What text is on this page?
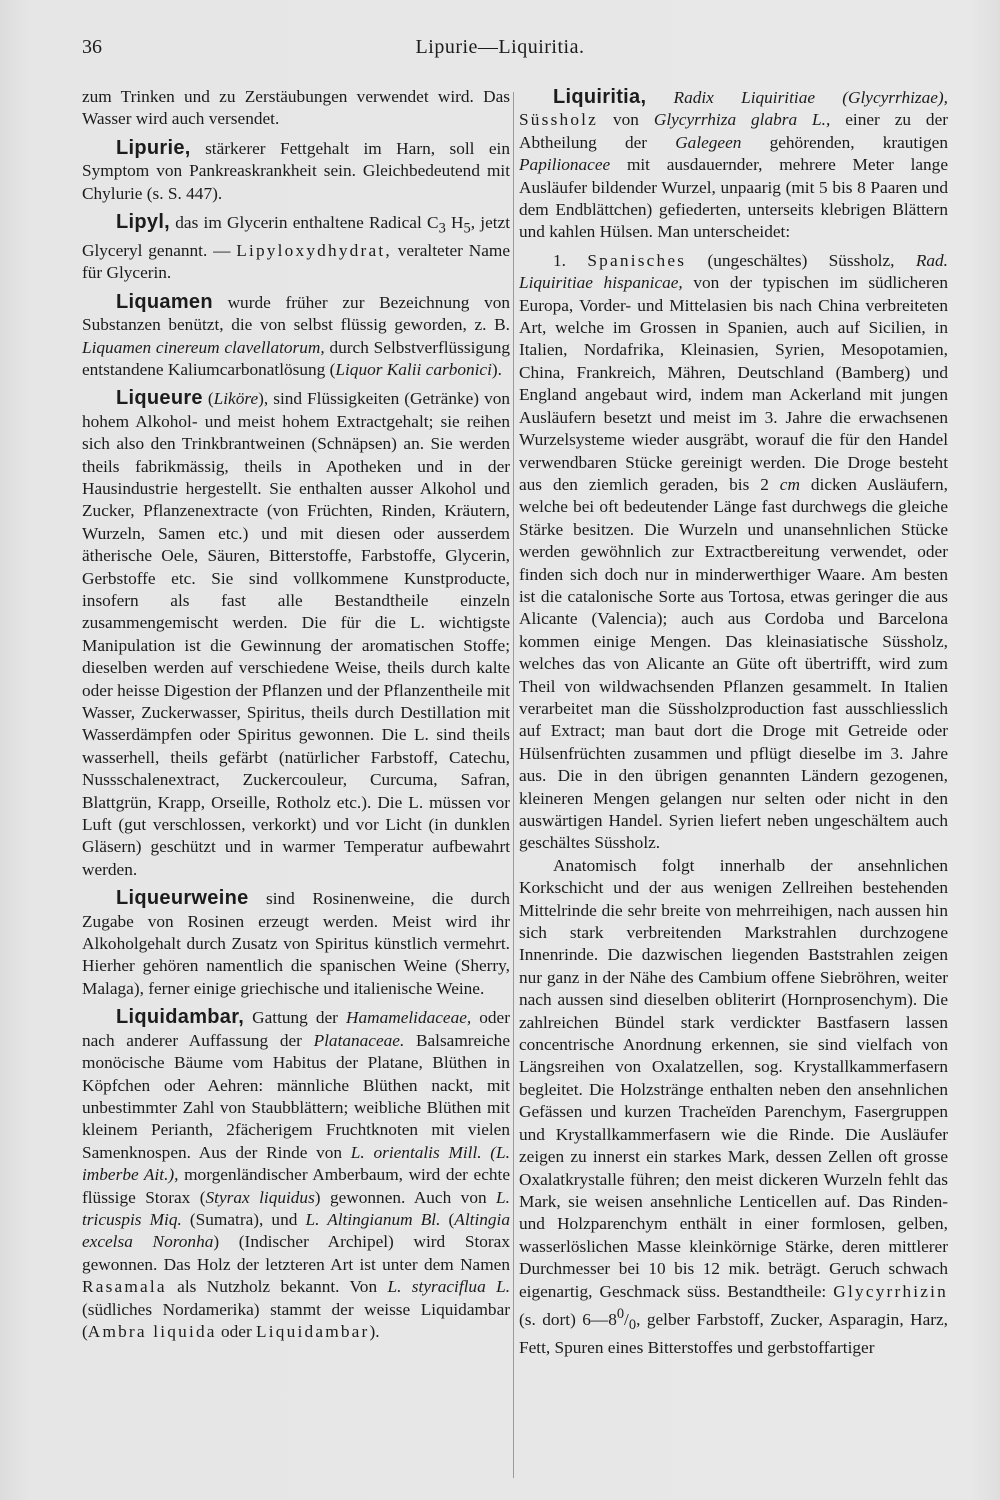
36	Lipurie—Liquiritia.

zum Trinken und zu Zerstäubungen verwendet wird. Das Wasser wird auch versendet.

Lipurie, stärkerer Fettgehalt im Harn, soll ein Symptom von Pankreaskrankheit sein. Gleichbedeutend mit Chylurie (s. S. 447).

Lipyl, das im Glycerin enthaltene Radical $C_3$ $H_5$, jetzt Glyceryl genannt. — Lipyloxydhydrat, veralteter Name für Glycerin.

Liquamen wurde früher zur Bezeichnung von Substanzen benützt, die von selbst flüssig geworden, z. B. Liquamen cinereum clavellatorum, durch Selbstverflüssigung entstandene Kaliumcarbonatlösung (Liquor Kalii carbonici).

Liqueure (Liköre), sind Flüssigkeiten (Getränke) von hohem Alkohol- und meist hohem Extractgehalt; sie reihen sich also den Trinkbrantweinen (Schnäpsen) an. Sie werden theils fabrikmässig, theils in Apotheken und in der Hausindustrie hergestellt. Sie enthalten ausser Alkohol und Zucker, Pflanzenextracte (von Früchten, Rinden, Kräutern, Wurzeln, Samen etc.) und mit diesen oder ausserdem ätherische Oele, Säuren, Bitterstoffe, Farbstoffe, Glycerin, Gerbstoffe etc. Sie sind vollkommene Kunstproducte, insofern als fast alle Bestandtheile einzeln zusammengemischt werden. Die für die L. wichtigste Manipulation ist die Gewinnung der aromatischen Stoffe; dieselben werden auf verschiedene Weise, theils durch kalte oder heisse Digestion der Pflanzen und der Pflanzentheile mit Wasser, Zuckerwasser, Spiritus, theils durch Destillation mit Wasserdämpfen oder Spiritus gewonnen. Die L. sind theils wasserhell, theils gefärbt (natürlicher Farbstoff, Catechu, Nussschalenextract, Zuckercouleur, Curcuma, Safran, Blattgrün, Krapp, Orseille, Rotholz etc.). Die L. müssen vor Luft (gut verschlossen, verkorkt) und vor Licht (in dunklen Gläsern) geschützt und in warmer Temperatur aufbewahrt werden.

Liqueurweine sind Rosinenweine, die durch Zugabe von Rosinen erzeugt werden. Meist wird ihr Alkoholgehalt durch Zusatz von Spiritus künstlich vermehrt. Hierher gehören namentlich die spanischen Weine (Sherry, Malaga), ferner einige griechische und italienische Weine.

Liquidambar, Gattung der Hamamelidaceae, oder nach anderer Auffassung der Platanaceae. Balsamreiche monöcische Bäume vom Habitus der Platane, Blüthen in Köpfchen oder Aehren: männliche Blüthen nackt, mit unbestimmter Zahl von Staubblättern; weibliche Blüthen mit kleinem Perianth, 2fächerigem Fruchtknoten mit vielen Samenknospen. Aus der Rinde von L. orientalis Mill. (L. imberbe Ait.), morgenländischer Amberbaum, wird der echte flüssige Storax (Styrax liquidus) gewonnen. Auch von L. tricuspis Miq. (Sumatra), und L. Altingianum Bl. (Altingia excelsa Noronha) (Indischer Archipel) wird Storax gewonnen. Das Holz der letzteren Art ist unter dem Namen Rasamala als Nutzholz bekannt. Von L. styraciflua L. (südliches Nordamerika) stammt der weisse Liquidambar (Ambra liquida oder Liquidambar).

Liquiritia, Radix Liquiritiae (Glycyrrhizae), Süssholz von Glycyrrhiza glabra L., einer zu der Abtheilung der Galegeen gehörenden, krautigen Papilionacee mit ausdauernder, mehrere Meter lange Ausläufer bildender Wurzel, unpaarig (mit 5 bis 8 Paaren und dem Endblättchen) gefiederten, unterseits klebrigen Blättern und kahlen Hülsen. Man unterscheidet:

1. Spanisches (ungeschältes) Süssholz, Rad. Liquiritiae hispanicae, von der typischen im südlicheren Europa, Vorder- und Mittelasien bis nach China verbreiteten Art, welche im Grossen in Spanien, auch auf Sicilien, in Italien, Nordafrika, Kleinasien, Syrien, Mesopotamien, China, Frankreich, Mähren, Deutschland (Bamberg) und England angebaut wird, indem man Ackerland mit jungen Ausläufern besetzt und meist im 3. Jahre die erwachsenen Wurzelsysteme wieder ausgräbt, worauf die für den Handel verwendbaren Stücke gereinigt werden. Die Droge besteht aus den ziemlich geraden, bis 2 cm dicken Ausläufern, welche bei oft bedeutender Länge fast durchwegs die gleiche Stärke besitzen. Die Wurzeln und unansehnlichen Stücke werden gewöhnlich zur Extractbereitung verwendet, oder finden sich doch nur in minderwerthiger Waare. Am besten ist die catalonische Sorte aus Tortosa, etwas geringer die aus Alicante (Valencia); auch aus Cordoba und Barcelona kommen einige Mengen. Das kleinasiatische Süssholz, welches das von Alicante an Güte oft übertrifft, wird zum Theil von wildwachsenden Pflanzen gesammelt. In Italien verarbeitet man die Süssholzproduction fast ausschliesslich auf Extract; man baut dort die Droge mit Getreide oder Hülsenfrüchten zusammen und pflügt dieselbe im 3. Jahre aus. Die in den übrigen genannten Ländern gezogenen, kleineren Mengen gelangen nur selten oder nicht in den auswärtigen Handel. Syrien liefert neben ungeschältem auch geschältes Süssholz.

Anatomisch folgt innerhalb der ansehnlichen Korkschicht und der aus wenigen Zellreihen bestehenden Mittelrinde die sehr breite von mehrreihigen, nach aussen hin sich stark verbreitenden Markstrahlen durchzogene Innenrinde. Die dazwischen liegenden Baststrahlen zeigen nur ganz in der Nähe des Cambium offene Siebröhren, weiter nach aussen sind dieselben obliterirt (Hornprosenchym). Die zahlreichen Bündel stark verdickter Bastfasern lassen concentrische Anordnung erkennen, sie sind vielfach von Längsreihen von Oxalatzellen, sog. Krystallkammerfasern begleitet. Die Holzstränge enthalten neben den ansehnlichen Gefässen und kurzen Tracheïden Parenchym, Fasergruppen und Krystallkammerfasern wie die Rinde. Die Ausläufer zeigen zu innerst ein starkes Mark, dessen Zellen oft grosse Oxalatkrystalle führen; den meist dickeren Wurzeln fehlt das Mark, sie weisen ansehnliche Lenticellen auf. Das Rinden- und Holzparenchym enthält in einer formlosen, gelben, wasserlöslichen Masse kleinkörnige Stärke, deren mittlerer Durchmesser bei 10 bis 12 mik. beträgt. Geruch schwach eigenartig, Geschmack süss. Bestandtheile: Glycyrrhizin (s. dort) $6—8^0/_0$, gelber Farbstoff, Zucker, Asparagin, Harz, Fett, Spuren eines Bitterstoffes und gerbstoffartiger
